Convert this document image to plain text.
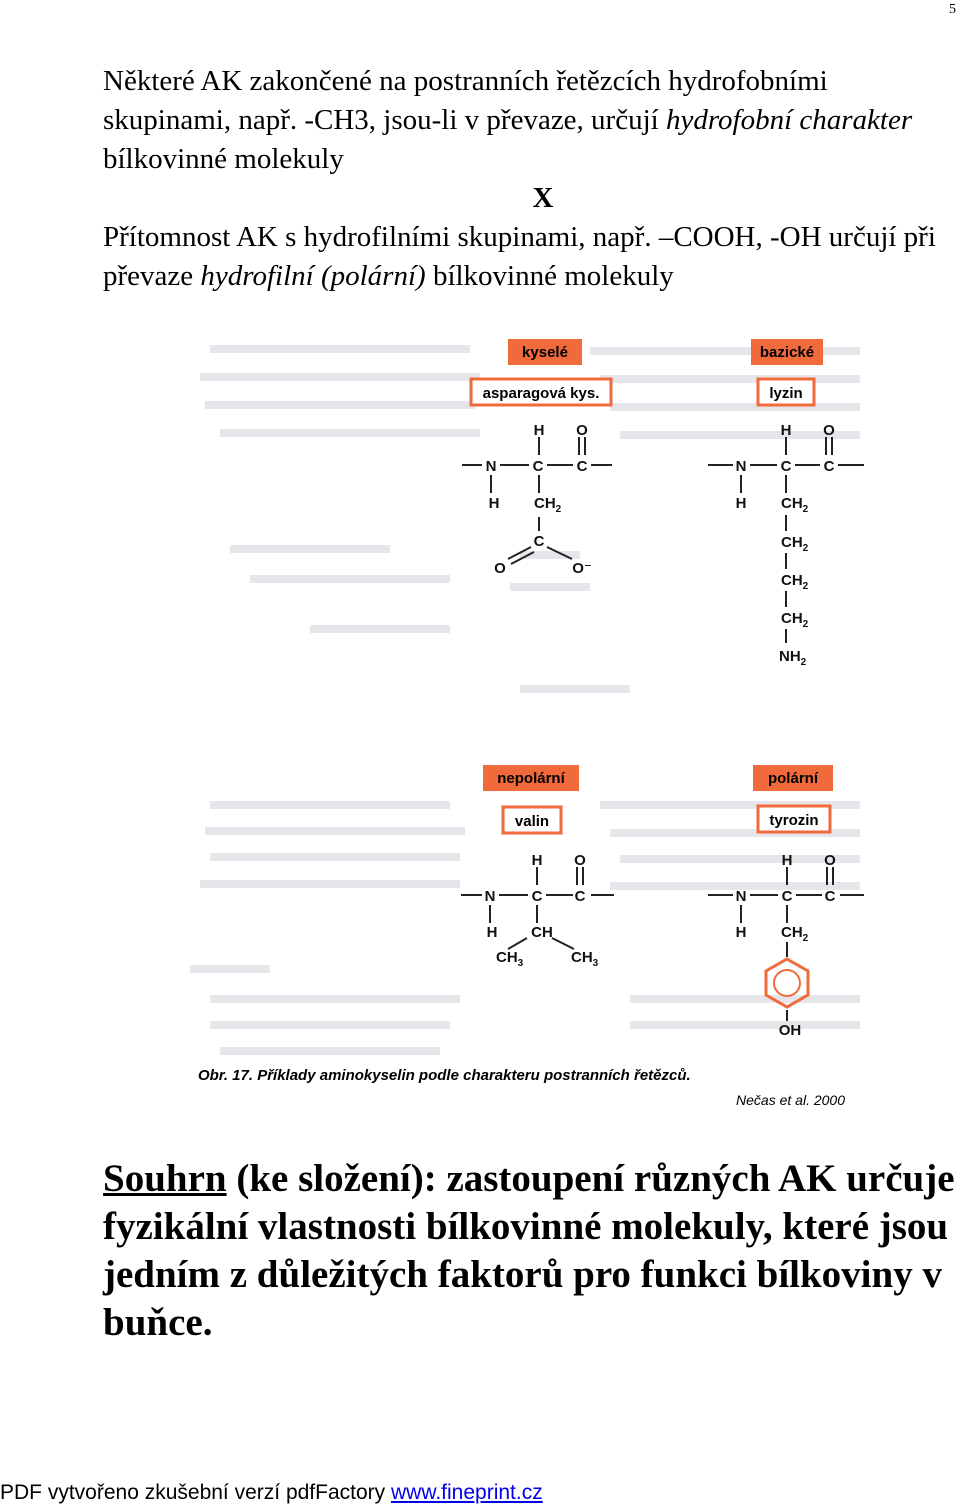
5

Některé AK zakončené na postranních řetězcích hydrofobními skupinami, např. -CH3, jsou-li v převaze, určují hydrofobní charakter bílkovinné molekuly

X

Přítomnost AK s hydrofilními skupinami, např. –COOH, -OH určují při převaze hydrofilní (polární) bílkovinné molekuly

kyselé
asparagová kys.
H O
N C C
H $CH_2$
C
O	O⁻
bazické
lyzin
H O
N C C
H $CH_2$
$CH_2$
$CH_2$
$CH_2$
$NH_2$
nepolární
valin
H O
N C C
H CH
$CH_3$	$CH_3$
polární
tyrozin
H O
N C C
H $CH_2$
OH
Obr. 17. Příklady aminokyselin podle charakteru postranních řetězců.
Nečas et al. 2000
Souhrn (ke složení): zastoupení různých AK určuje fyzikální vlastnosti bílkovinné molekuly, které jsou jedním z důležitých faktorů pro funkci bílkoviny v buňce.
PDF vytvořeno zkušební verzí pdfFactory www.fineprint.cz
